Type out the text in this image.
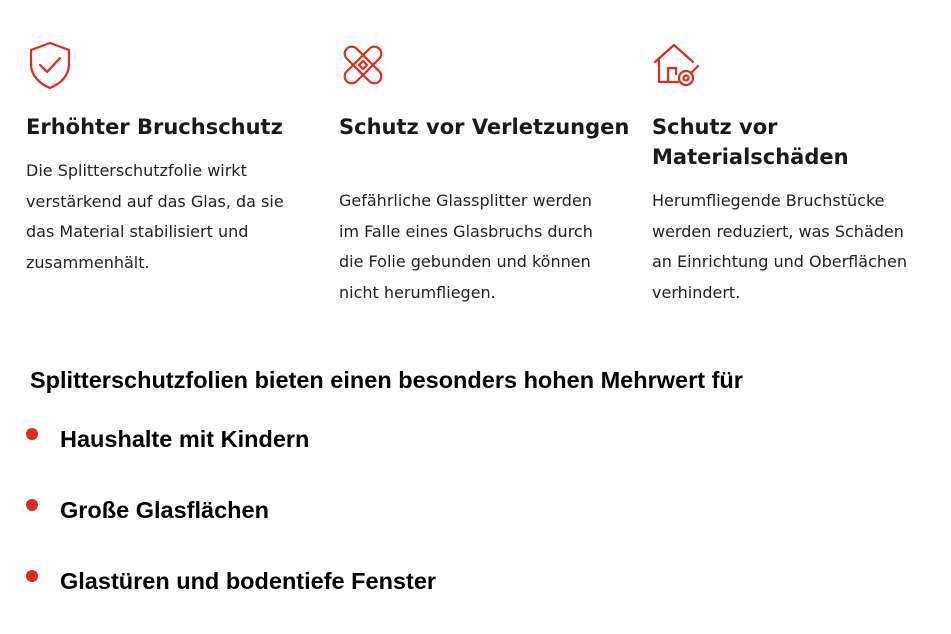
Erhöhter Bruchschutz

Die Splitterschutzfolie wirkt
verstärkend auf das Glas, da sie
das Material stabilisiert und
zusammenhält.

Schutz vor Verletzungen

Gefährliche Glassplitter werden
im Falle eines Glasbruchs durch
die Folie gebunden und können
nicht herumfliegen.

Schutz vor
Materialschäden

Herumfliegende Bruchstücke
werden reduziert, was Schäden
an Einrichtung und Oberflächen
verhindert.

Splitterschutzfolien bieten einen besonders hohen Mehrwert für
Haushalte mit Kindern
Große Glasflächen
Glastüren und bodentiefe Fenster
